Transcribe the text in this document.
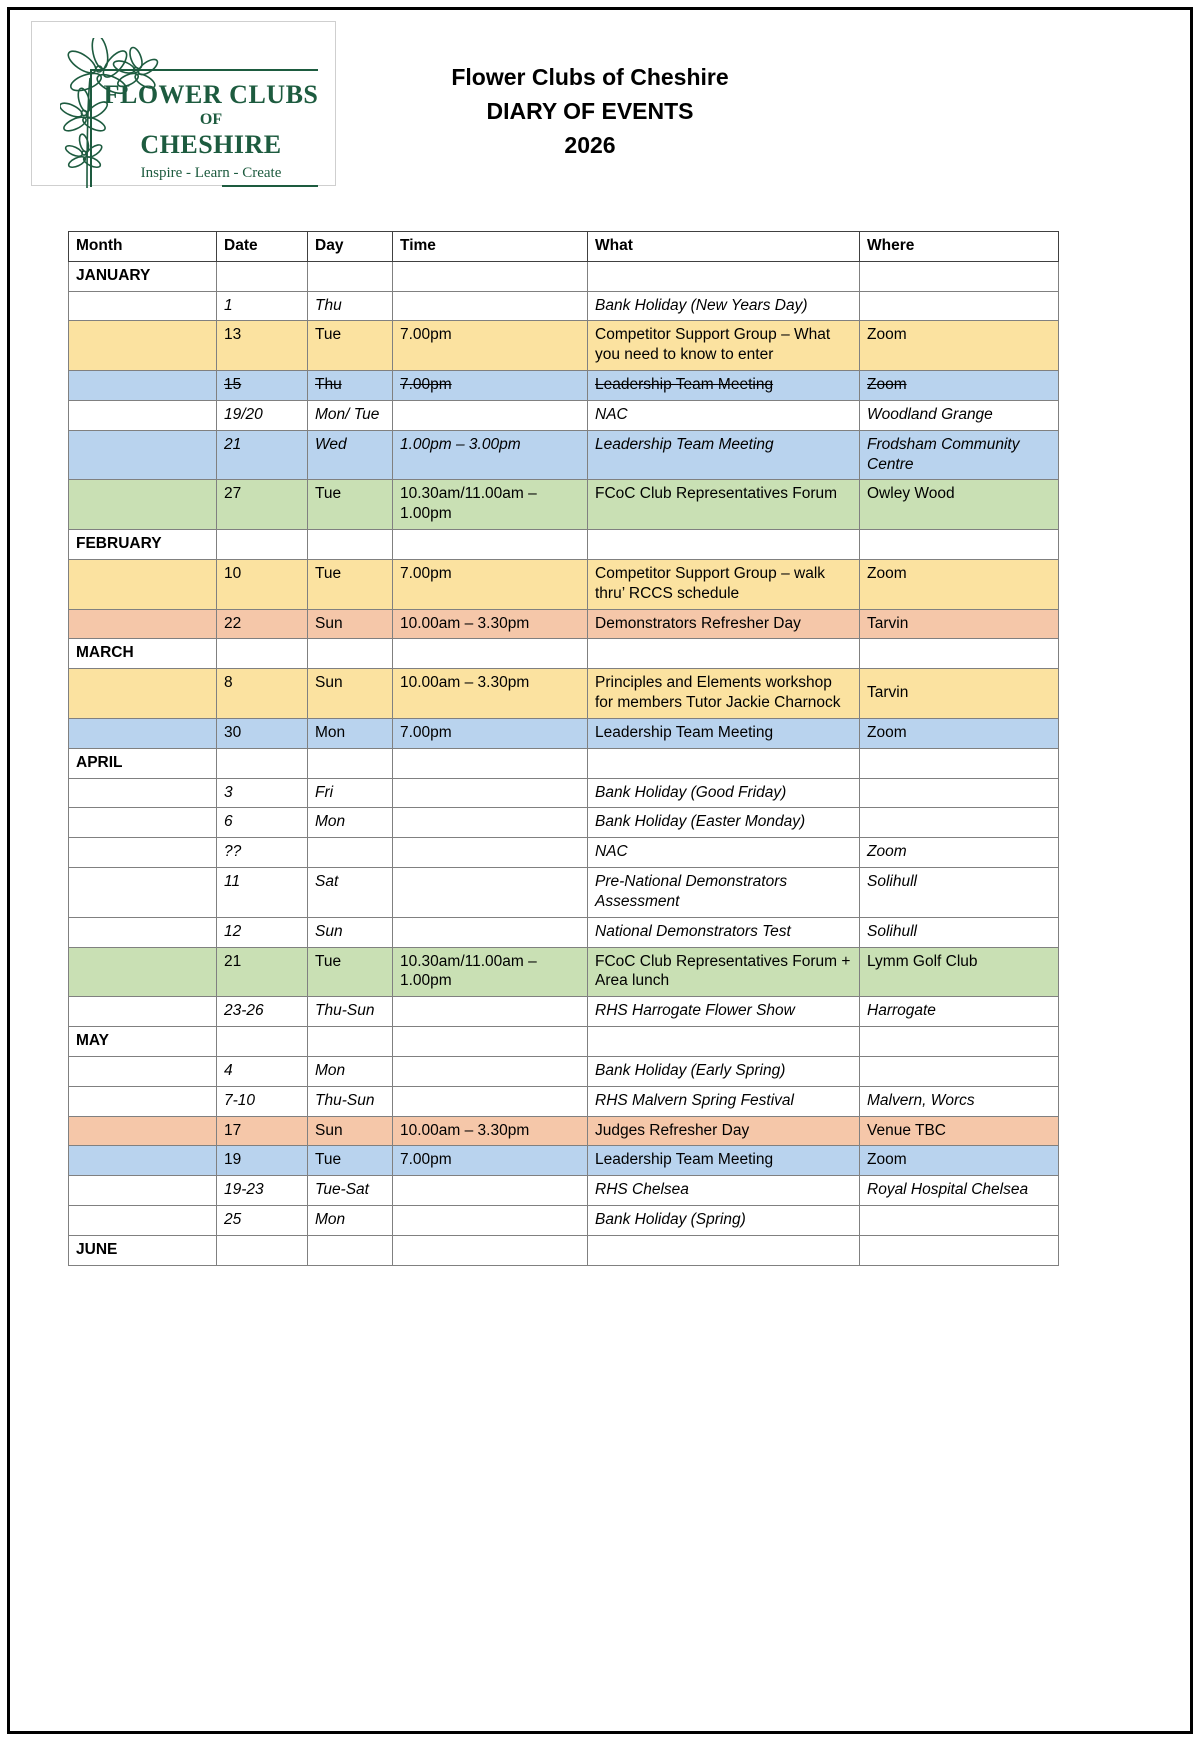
FLOWER CLUBS
OF
CHESHIRE
Inspire - Learn - Create
Flower Clubs of Cheshire
DIARY OF EVENTS
2026
Month	Date	Day	Time	What	Where
JANUARY					
	1	Thu		Bank Holiday (New Years Day)	
	13	Tue	7.00pm	Competitor Support Group – What you need to know to enter	Zoom
	15	Thu	7.00pm	Leadership Team Meeting	Zoom
	19/20	Mon/ Tue		NAC	Woodland Grange
	21	Wed	1.00pm – 3.00pm	Leadership Team Meeting	Frodsham Community Centre
	27	Tue	10.30am/11.00am – 1.00pm	FCoC Club Representatives Forum	Owley Wood
FEBRUARY					
	10	Tue	7.00pm	Competitor Support Group – walk thru’ RCCS schedule	Zoom
	22	Sun	10.00am – 3.30pm	Demonstrators Refresher Day	Tarvin
MARCH					
	8	Sun	10.00am – 3.30pm	Principles and Elements workshop for members Tutor Jackie Charnock	Tarvin
	30	Mon	7.00pm	Leadership Team Meeting	Zoom
APRIL					
	3	Fri		Bank Holiday (Good Friday)	
	6	Mon		Bank Holiday (Easter Monday)	
	??			NAC	Zoom
	11	Sat		Pre-National Demonstrators Assessment	Solihull
	12	Sun		National Demonstrators Test	Solihull
	21	Tue	10.30am/11.00am – 1.00pm	FCoC Club Representatives Forum + Area lunch	Lymm Golf Club
	23-26	Thu-Sun		RHS Harrogate Flower Show	Harrogate
MAY					
	4	Mon		Bank Holiday (Early Spring)	
	7-10	Thu-Sun		RHS Malvern Spring Festival	Malvern, Worcs
	17	Sun	10.00am – 3.30pm	Judges Refresher Day	Venue TBC
	19	Tue	7.00pm	Leadership Team Meeting	Zoom
	19-23	Tue-Sat		RHS Chelsea	Royal Hospital Chelsea
	25	Mon		Bank Holiday (Spring)	
JUNE					
